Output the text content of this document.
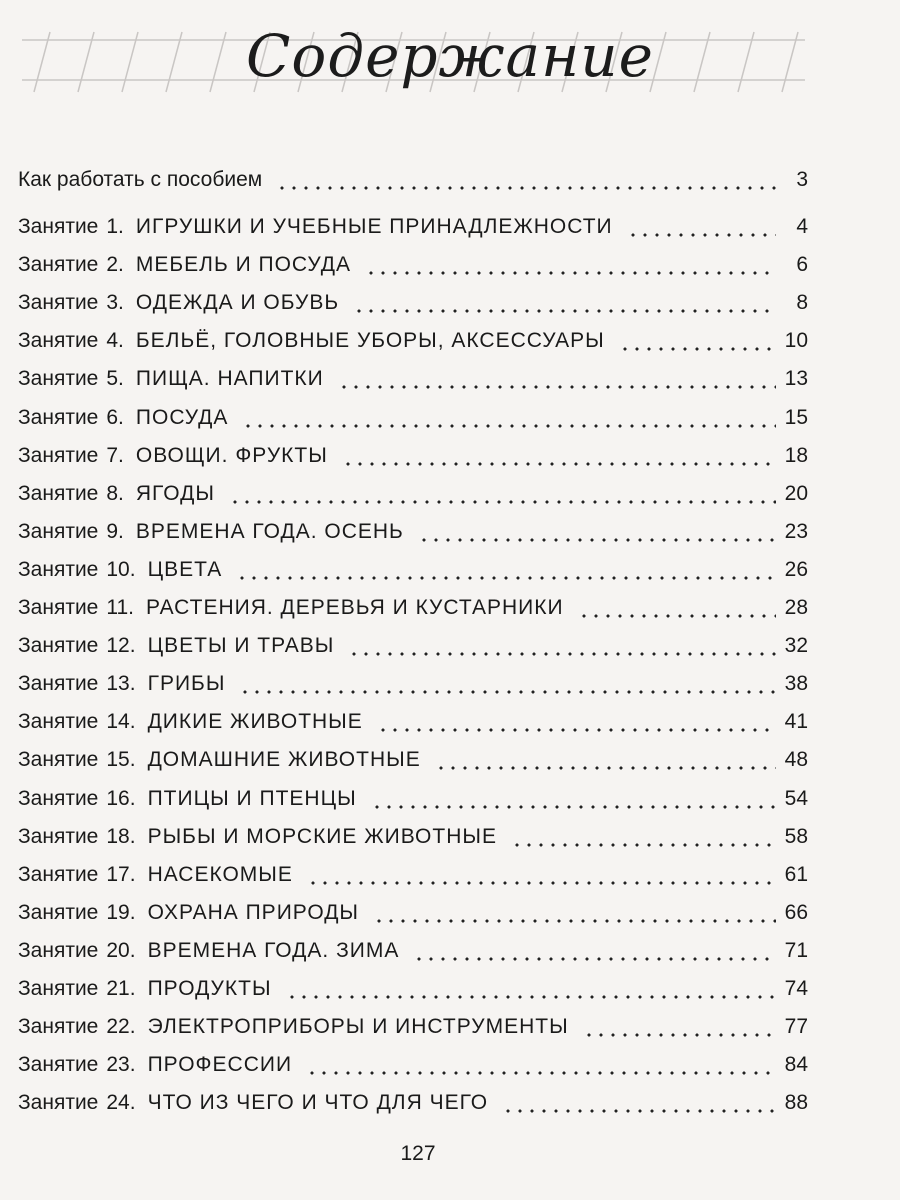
Содержание
Как работать с пособием	3
Занятие 1. ИГРУШКИ И УЧЕБНЫЕ ПРИНАДЛЕЖНОСТИ	4
Занятие 2. МЕБЕЛЬ И ПОСУДА	6
Занятие 3. ОДЕЖДА И ОБУВЬ	8
Занятие 4. БЕЛЬЁ, ГОЛОВНЫЕ УБОРЫ, АКСЕССУАРЫ	10
Занятие 5. ПИЩА. НАПИТКИ	13
Занятие 6. ПОСУДА	15
Занятие 7. ОВОЩИ. ФРУКТЫ	18
Занятие 8. ЯГОДЫ	20
Занятие 9. ВРЕМЕНА ГОДА. ОСЕНЬ	23
Занятие 10. ЦВЕТА	26
Занятие 11. РАСТЕНИЯ. ДЕРЕВЬЯ И КУСТАРНИКИ	28
Занятие 12. ЦВЕТЫ И ТРАВЫ	32
Занятие 13. ГРИБЫ	38
Занятие 14. ДИКИЕ ЖИВОТНЫЕ	41
Занятие 15. ДОМАШНИЕ ЖИВОТНЫЕ	48
Занятие 16. ПТИЦЫ И ПТЕНЦЫ	54
Занятие 18. РЫБЫ И МОРСКИЕ ЖИВОТНЫЕ	58
Занятие 17. НАСЕКОМЫЕ	61
Занятие 19. ОХРАНА ПРИРОДЫ	66
Занятие 20. ВРЕМЕНА ГОДА. ЗИМА	71
Занятие 21. ПРОДУКТЫ	74
Занятие 22. ЭЛЕКТРОПРИБОРЫ И ИНСТРУМЕНТЫ	77
Занятие 23. ПРОФЕССИИ	84
Занятие 24. ЧТО ИЗ ЧЕГО И ЧТО ДЛЯ ЧЕГО	88
127
